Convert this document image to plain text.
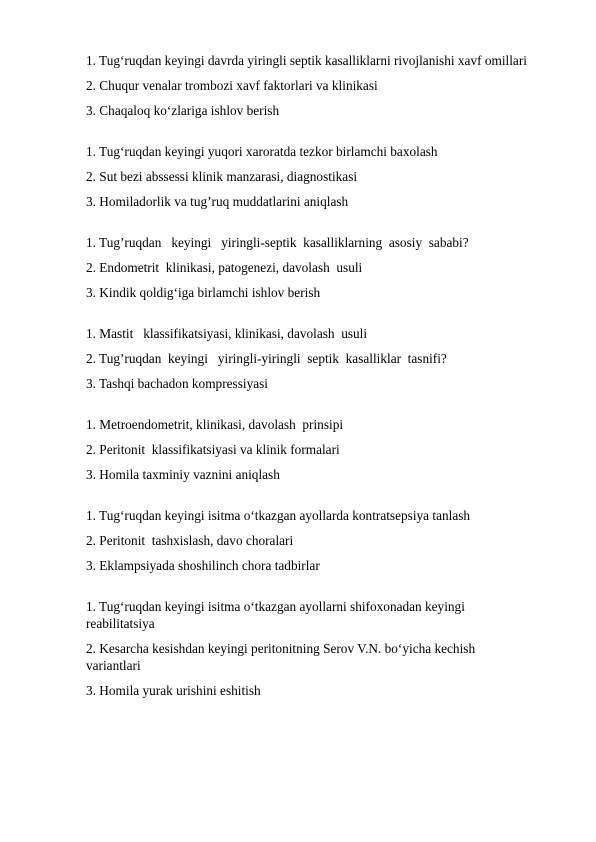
1. Tug‘ruqdan keyingi davrda yiringli septik kasalliklarni rivojlanishi xavf omillari
2. Chuqur venalar trombozi xavf faktorlari va klinikasi
3. Chaqaloq ko‘zlariga ishlov berish
1. Tug‘ruqdan keyingi yuqori xaroratda tezkor birlamchi baxolash
2. Sut bezi abssessi klinik manzarasi, diagnostikasi
3. Homiladorlik va tug’ruq muddatlarini aniqlash
1. Tug’ruqdan   keyingi   yiringli-septik  kasalliklarning  asosiy  sababi?
2. Endometrit  klinikasi, patogenezi, davolash  usuli
3. Kindik qoldig‘iga birlamchi ishlov berish
1. Mastit   klassifikatsiyasi, klinikasi, davolash  usuli
2. Tug’ruqdan  keyingi   yiringli-yiringli  septik  kasalliklar  tasnifi?
3. Tashqi bachadon kompressiyasi
1. Metroendometrit, klinikasi, davolash  prinsipi
2. Peritonit  klassifikatsiyasi va klinik formalari
3. Homila taxminiy vaznini aniqlash
1. Tug‘ruqdan keyingi isitma o‘tkazgan ayollarda kontratsepsiya tanlash
2. Peritonit  tashxislash, davo choralari
3. Eklampsiyada shoshilinch chora tadbirlar
1. Tug‘ruqdan keyingi isitma o‘tkazgan ayollarni shifoxonadan keyingi reabilitatsiya
2. Kesarcha kesishdan keyingi peritonitning Serov V.N. bo‘yicha kechish variantlari
3. Homila yurak urishini eshitish
